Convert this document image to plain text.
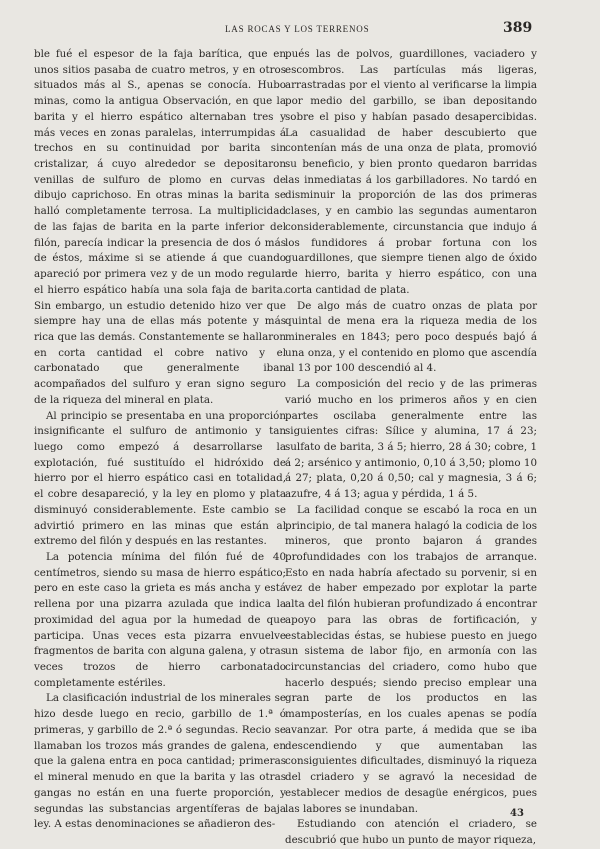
LAS ROCAS Y LOS TERRENOS	389

ble fué el espesor de la faja barítica, que en unos sitios pasaba de cuatro metros, y en otros situados más al S., apenas se conocía. Hubo minas, como la antigua Observación, en que la barita y el hierro espático alternaban tres y más veces en zonas paralelas, interrumpidas á trechos en su continuidad por barita sin cristalizar, á cuyo alrededor se depositaron venillas de sulfuro de plomo en curvas de dibujo caprichoso. En otras minas la barita se halló completamente terrosa. La multiplicidad de las fajas de barita en la parte inferior del filón, parecía indicar la presencia de dos ó más de éstos, máxime si se atiende á que cuando apareció por primera vez y de un modo regular el hierro espático había una sola faja de barita. Sin embargo, un estudio detenido hizo ver que siempre hay una de ellas más potente y más rica que las demás. Constantemente se hallaron en corta cantidad el cobre nativo y el carbonatado que generalmente iban acompañados del sulfuro y eran signo seguro de la riqueza del mineral en plata.

Al principio se presentaba en una proporción insignificante el sulfuro de antimonio y tan luego como empezó á desarrollarse la explotación, fué sustituído el hidróxido de hierro por el hierro espático casi en totalidad, el cobre desapareció, y la ley en plomo y plata disminuyó considerablemente. Este cambio se advirtió primero en las minas que están al extremo del filón y después en las restantes.

La potencia mínima del filón fué de 40 centímetros, siendo su masa de hierro espático; pero en este caso la grieta es más ancha y está rellena por una pizarra azulada que indica la proximidad del agua por la humedad de que participa. Unas veces esta pizarra envuelve fragmentos de barita con alguna galena, y otras veces trozos de hierro carbonatado completamente estériles.

La clasificación industrial de los minerales se hizo desde luego en recio, garbillo de 1.ª ó primeras, y garbillo de 2.ª ó segundas. Recio se llamaban los trozos más grandes de galena, en que la galena entra en poca cantidad; primeras el mineral menudo en que la barita y las otras gangas no están en una fuerte proporción, y segundas las substancias argentíferas de baja ley. A estas denominaciones se añadieron des-

pués las de polvos, guardillones, vaciadero y escombros. Las partículas más ligeras, arrastradas por el viento al verificarse la limpia por medio del garbillo, se iban depositando sobre el piso y habían pasado desapercibidas. La casualidad de haber descubierto que contenían más de una onza de plata, promovió su beneficio, y bien pronto quedaron barridas las inmediatas á los garbilladores. No tardó en disminuir la proporción de las dos primeras clases, y en cambio las segundas aumentaron considerablemente, circunstancia que indujo á los fundidores á probar fortuna con los guardillones, que siempre tienen algo de óxido de hierro, barita y hierro espático, con una corta cantidad de plata.

De algo más de cuatro onzas de plata por quintal de mena era la riqueza media de los minerales en 1843; pero poco después bajó á una onza, y el contenido en plomo que ascendía al 13 por 100 descendió al 4.

La composición del recio y de las primeras varió mucho en los primeros años y en cien partes oscilaba generalmente entre las siguientes cifras: Sílice y alumina, 17 á 23; sulfato de barita, 3 á 5; hierro, 28 á 30; cobre, 1 á 2; arsénico y antimonio, 0,10 á 3,50; plomo 10 á 27; plata, 0,20 á 0,50; cal y magnesia, 3 á 6; azufre, 4 á 13; agua y pérdida, 1 á 5.

La facilidad conque se escabó la roca en un principio, de tal manera halagó la codicia de los mineros, que pronto bajaron á grandes profundidades con los trabajos de arranque. Esto en nada habría afectado su porvenir, si en vez de haber empezado por explotar la parte alta del filón hubieran profundizado á encontrar apoyo para las obras de fortificación, y establecidas éstas, se hubiese puesto en juego un sistema de labor fijo, en armonía con las circunstancias del criadero, como hubo que hacerlo después; siendo preciso emplear una gran parte de los productos en las mamposterías, en los cuales apenas se podía avanzar. Por otra parte, á medida que se iba descendiendo y que aumentaban las consiguientes dificultades, disminuyó la riqueza del criadero y se agravó la necesidad de establecer medios de desagüe enérgicos, pues las labores se inundaban.

Estudiando con atención el criadero, se descubrió que hubo un punto de mayor riqueza,

43
